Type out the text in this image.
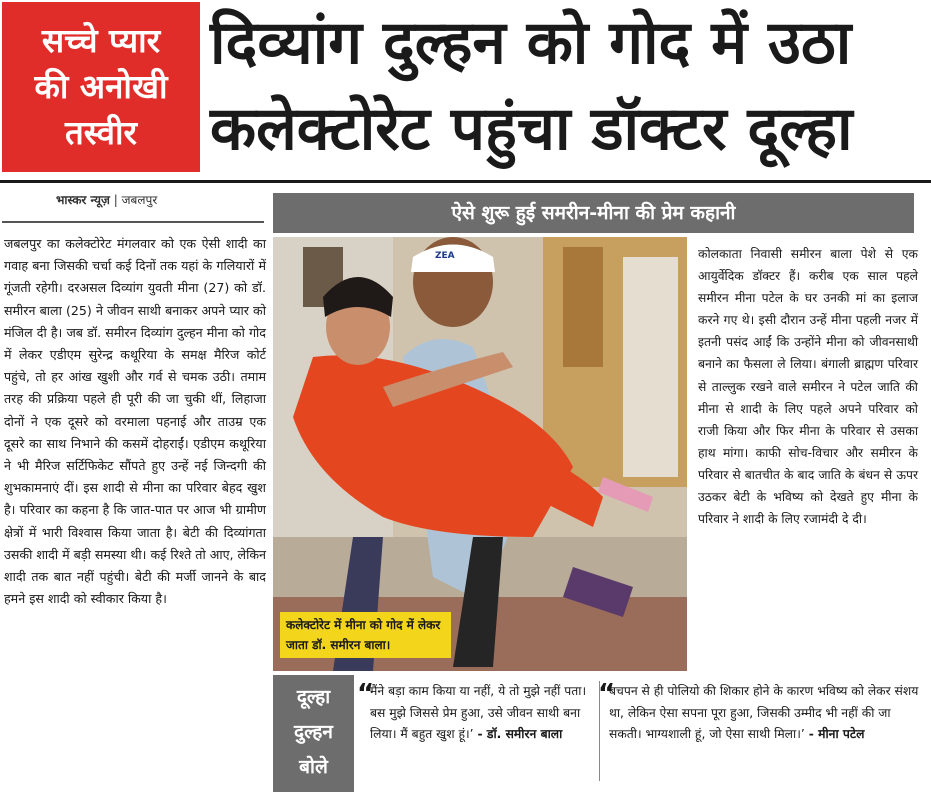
सच्चे प्यार
की अनोखी
तस्वीर
दिव्यांग दुल्हन को गोद में उठा
कलेक्टोरेट पहुंचा डॉक्टर दूल्हा
भास्कर न्यूज़ | जबलपुर
जबलपुर का कलेक्टोरेट मंगलवार को एक ऐसी शादी का गवाह बना जिसकी चर्चा कई दिनों तक यहां के गलियारों में गूंजती रहेगी। दरअसल दिव्यांग युवती मीना (27) को डॉ. समीरन बाला (25) ने जीवन साथी बनाकर अपने प्यार को मंजिल दी है। जब डॉ. समीरन दिव्यांग दुल्हन मीना को गोद में लेकर एडीएम सुरेन्द्र कथूरिया के समक्ष मैरिज कोर्ट पहुंचे, तो हर आंख खुशी और गर्व से चमक उठी। तमाम तरह की प्रक्रिया पहले ही पूरी की जा चुकी थीं, लिहाजा दोनों ने एक दूसरे को वरमाला पहनाई और ताउम्र एक दूसरे का साथ निभाने की कसमें दोहराईं। एडीएम कथूरिया ने भी मैरिज सर्टिफिकेट सौंपते हुए उन्हें नई जिन्दगी की शुभकामनाएं दीं। इस शादी से मीना का परिवार बेहद खुश है। परिवार का कहना है कि जात-पात पर आज भी ग्रामीण क्षेत्रों में भारी विश्वास किया जाता है। बेटी की दिव्यांगता उसकी शादी में बड़ी समस्या थी। कई रिश्ते तो आए, लेकिन शादी तक बात नहीं पहुंची। बेटी की मर्जी जानने के बाद हमने इस शादी को स्वीकार किया है।
ऐसे शुरू हुई समरीन-मीना की प्रेम कहानी
ZEA
कलेक्टोरेट में मीना को गोद में लेकर जाता डॉ. समीरन बाला।
कोलकाता निवासी समीरन बाला पेशे से एक आयुर्वेदिक डॉक्टर हैं। करीब एक साल पहले समीरन मीना पटेल के घर उनकी मां का इलाज करने गए थे। इसी दौरान उन्हें मीना पहली नजर में इतनी पसंद आईं कि उन्होंने मीना को जीवनसाथी बनाने का फैसला ले लिया। बंगाली ब्राह्मण परिवार से ताल्लुक रखने वाले समीरन ने पटेल जाति की मीना से शादी के लिए पहले अपने परिवार को राजी किया और फिर मीना के परिवार से उसका हाथ मांगा। काफी सोच-विचार और समीरन के परिवार से बातचीत के बाद जाति के बंधन से ऊपर उठकर बेटी के भविष्य को देखते हुए मीना के परिवार ने शादी के लिए रजामंदी दे दी।
दूल्हा
दुल्हन
बोले
“
मैंने बड़ा काम किया या नहीं, ये तो मुझे नहीं पता। बस मुझे जिससे प्रेम हुआ, उसे जीवन साथी बना लिया। मैं बहुत खुश हूं।’ - डॉ. समीरन बाला
“
बचपन से ही पोलियो की शिकार होने के कारण भविष्य को लेकर संशय था, लेकिन ऐसा सपना पूरा हुआ, जिसकी उम्मीद भी नहीं की जा सकती। भाग्यशाली हूं, जो ऐसा साथी मिला।’ - मीना पटेल
